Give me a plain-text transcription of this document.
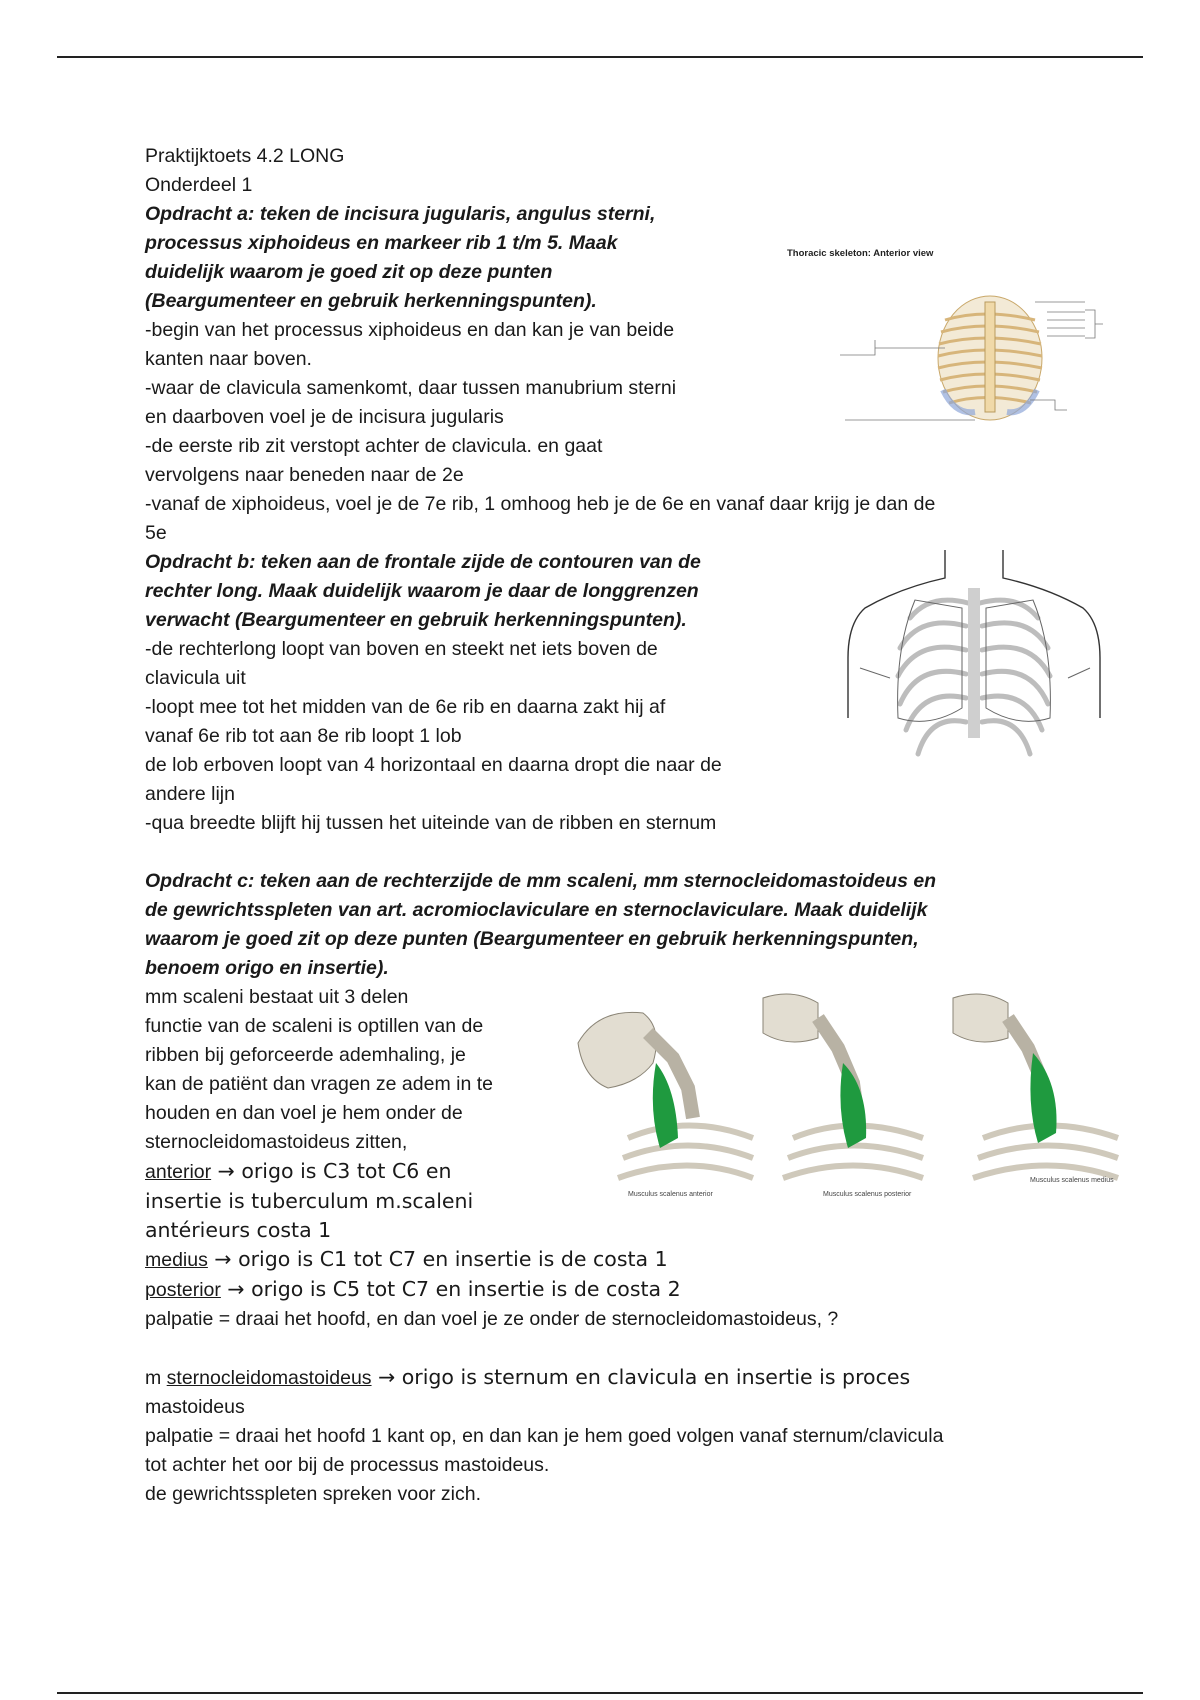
Praktijktoets 4.2 LONG
Onderdeel 1
Opdracht a: teken de incisura jugularis, angulus sterni,
processus xiphoideus en markeer rib 1 t/m 5. Maak
duidelijk waarom je goed zit op deze punten
(Beargumenteer en gebruik herkenningspunten).
-begin van het processus xiphoideus en dan kan je van beide
kanten naar boven.
-waar de clavicula samenkomt, daar tussen manubrium sterni
en daarboven voel je de incisura jugularis
-de eerste rib zit verstopt achter de clavicula. en gaat
vervolgens naar beneden naar de 2e
-vanaf de xiphoideus, voel je de 7e rib, 1 omhoog heb je de 6e en vanaf daar krijg je dan de
5e
Opdracht b: teken aan de frontale zijde de contouren van de
rechter long. Maak duidelijk waarom je daar de longgrenzen
verwacht (Beargumenteer en gebruik herkenningspunten).
-de rechterlong loopt van boven en steekt net iets boven de
clavicula uit
-loopt mee tot het midden van de 6e rib en daarna zakt hij af
vanaf 6e rib tot aan 8e rib loopt 1 lob
de lob erboven loopt van 4 horizontaal en daarna dropt die naar de
andere lijn
-qua breedte blijft hij tussen het uiteinde van de ribben en sternum
Opdracht c: teken aan de rechterzijde de mm scaleni, mm sternocleidomastoideus en
de gewrichtsspleten van art. acromioclaviculare en sternoclaviculare. Maak duidelijk
waarom je goed zit op deze punten (Beargumenteer en gebruik herkenningspunten,
benoem origo en insertie).
mm scaleni bestaat uit 3 delen
functie van de scaleni is optillen van de
ribben bij geforceerde ademhaling, je
kan de patiënt dan vragen ze adem in te
houden en dan voel je hem onder de
sternocleidomastoideus zitten,
anterior → origo is C3 tot C6 en
insertie is tuberculum m.scaleni
antérieurs costa 1
medius → origo is C1 tot C7 en insertie is de costa 1
posterior → origo is C5 tot C7 en insertie is de costa 2
palpatie = draai het hoofd, en dan voel je ze onder de sternocleidomastoideus, ?
m sternocleidomastoideus → origo is sternum en clavicula en insertie is proces
mastoideus
palpatie = draai het hoofd 1 kant op, en dan kan je hem goed volgen vanaf sternum/clavicula
tot achter het oor bij de processus mastoideus.
de gewrichtsspleten spreken voor zich.
Thoracic skeleton: Anterior view
Musculus scalenus anterior	Musculus scalenus posterior
Musculus scalenus medius
